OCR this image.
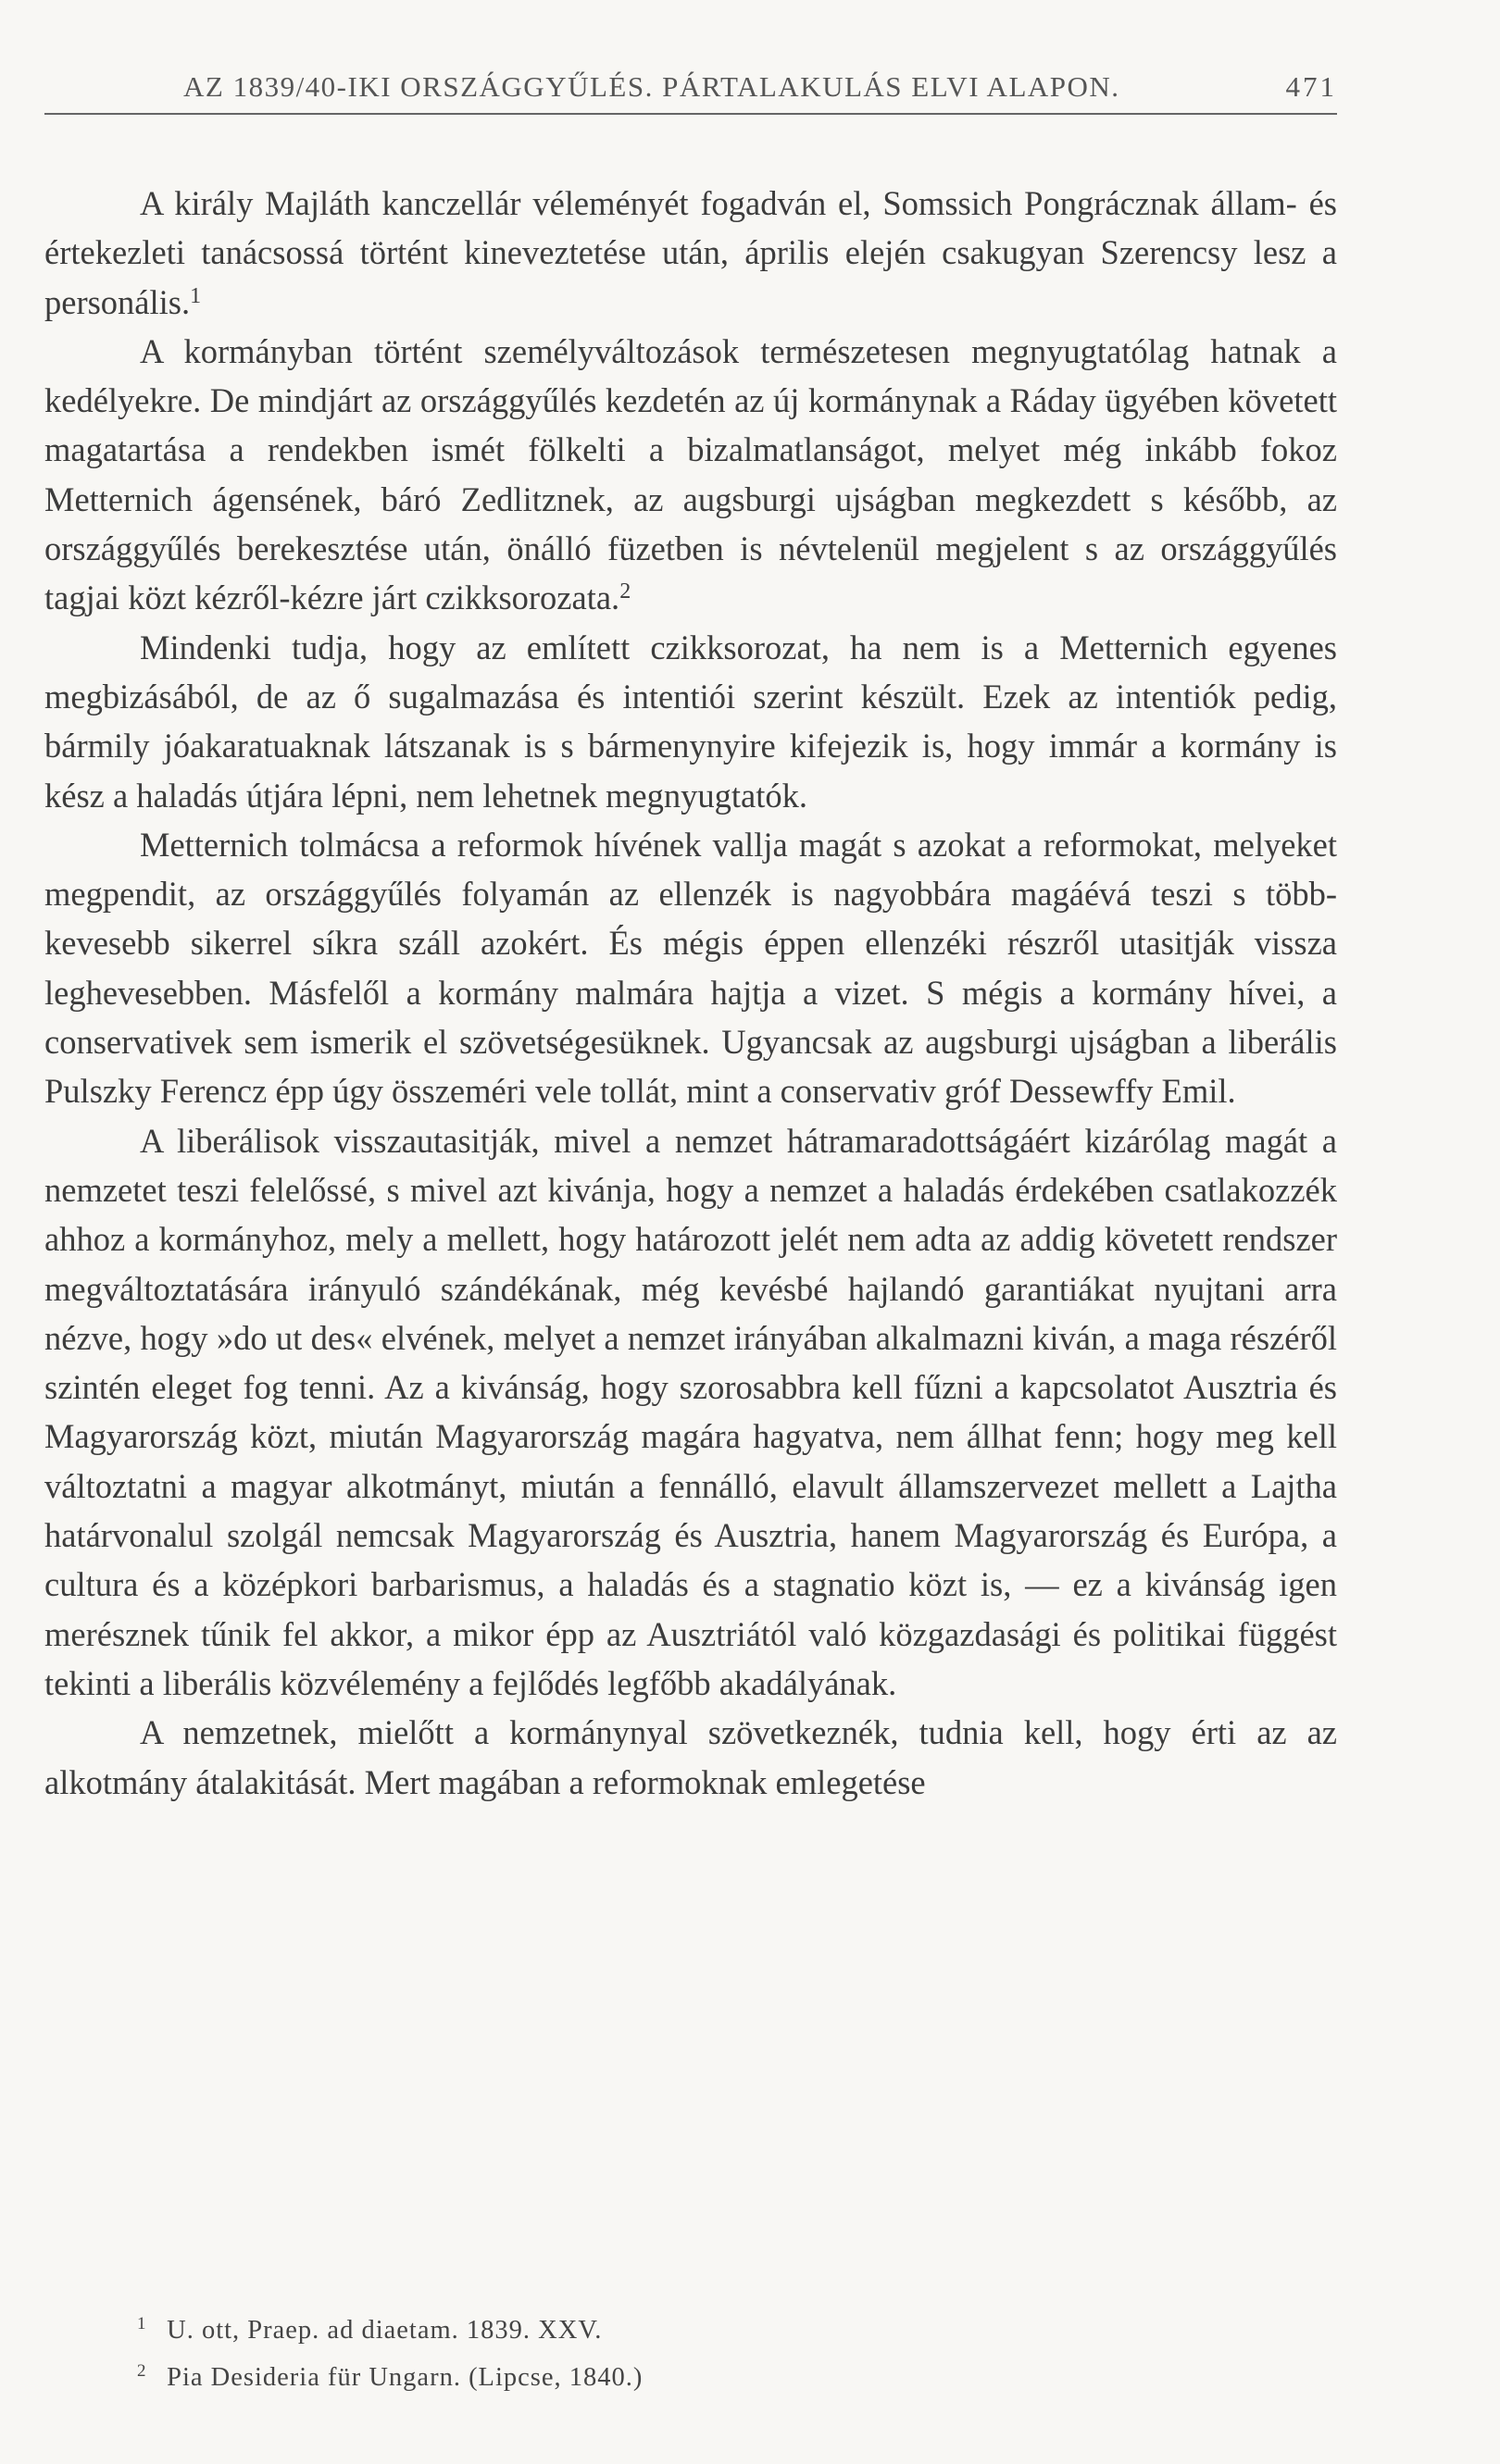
AZ 1839/40-IKI ORSZÁGGYŰLÉS. PÁRTALAKULÁS ELVI ALAPON.	471

A király Majláth kanczellár véleményét fogadván el, Somssich Pongrácznak állam- és értekezleti tanácsossá történt kineveztetése után, április elején csakugyan Szerencsy lesz a personális.$^1$

A kormányban történt személyváltozások természetesen megnyugtatólag hatnak a kedélyekre. De mindjárt az országgyűlés kezdetén az új kormánynak a Ráday ügyében követett magatartása a rendekben ismét fölkelti a bizalmatlanságot, melyet még inkább fokoz Metternich ágensének, báró Zedlitznek, az augsburgi ujságban megkezdett s később, az országgyűlés berekesztése után, önálló füzetben is névtelenül megjelent s az országgyűlés tagjai közt kézről-kézre járt czikksorozata.$^2$

Mindenki tudja, hogy az említett czikksorozat, ha nem is a Metternich egyenes megbizásából, de az ő sugalmazása és intentiói szerint készült. Ezek az intentiók pedig, bármily jóakaratuaknak látszanak is s bármenynyire kifejezik is, hogy immár a kormány is kész a haladás útjára lépni, nem lehetnek megnyugtatók.

Metternich tolmácsa a reformok hívének vallja magát s azokat a reformokat, melyeket megpendit, az országgyűlés folyamán az ellenzék is nagyobbára magáévá teszi s több-kevesebb sikerrel síkra száll azokért. És mégis éppen ellenzéki részről utasitják vissza leghevesebben. Másfelől a kormány malmára hajtja a vizet. S mégis a kormány hívei, a conservativek sem ismerik el szövetségesüknek. Ugyancsak az augsburgi ujságban a liberális Pulszky Ferencz épp úgy összeméri vele tollát, mint a conservativ gróf Dessewffy Emil.

A liberálisok visszautasitják, mivel a nemzet hátramaradottságáért kizárólag magát a nemzetet teszi felelőssé, s mivel azt kivánja, hogy a nemzet a haladás érdekében csatlakozzék ahhoz a kormányhoz, mely a mellett, hogy határozott jelét nem adta az addig követett rendszer megváltoztatására irányuló szándékának, még kevésbé hajlandó garantiákat nyujtani arra nézve, hogy »do ut des« elvének, melyet a nemzet irányában alkalmazni kiván, a maga részéről szintén eleget fog tenni. Az a kivánság, hogy szorosabbra kell fűzni a kapcsolatot Ausztria és Magyarország közt, miután Magyarország magára hagyatva, nem állhat fenn; hogy meg kell változtatni a magyar alkotmányt, miután a fennálló, elavult államszervezet mellett a Lajtha határvonalul szolgál nemcsak Magyarország és Ausztria, hanem Magyarország és Európa, a cultura és a középkori barbarismus, a haladás és a stagnatio közt is, — ez a kivánság igen merésznek tűnik fel akkor, a mikor épp az Ausztriától való közgazdasági és politikai függést tekinti a liberális közvélemény a fejlődés legfőbb akadályának.

A nemzetnek, mielőtt a kormánynyal szövetkeznék, tudnia kell, hogy érti az az alkotmány átalakitását. Mert magában a reformoknak emlegetése

1 U. ott, Praep. ad diaetam. 1839. XXV.
2 Pia Desideria für Ungarn. (Lipcse, 1840.)
